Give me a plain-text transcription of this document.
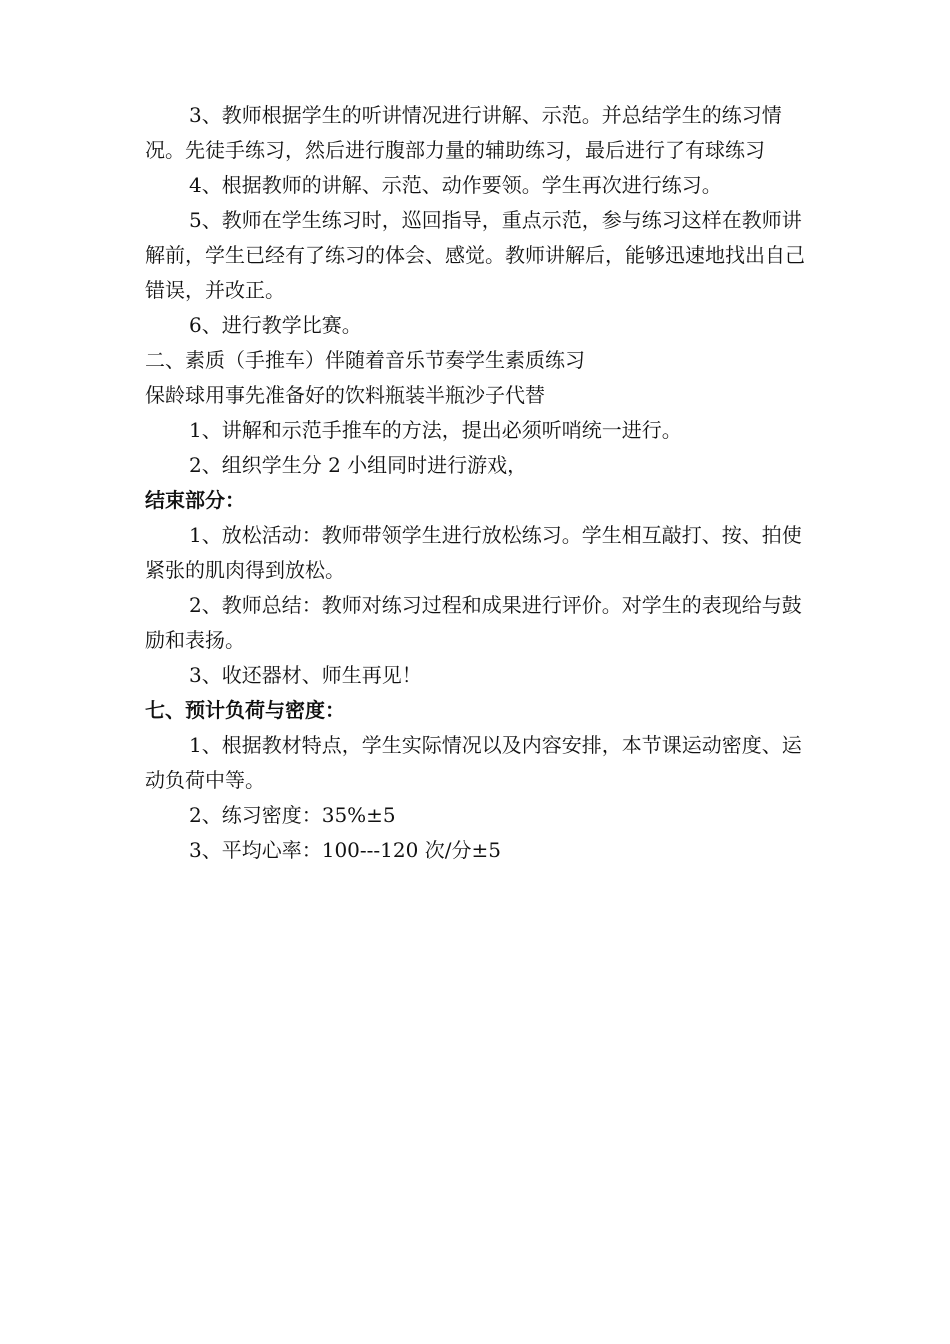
3、教师根据学生的听讲情况进行讲解、示范。并总结学生的练习情况。先徒手练习，然后进行腹部力量的辅助练习，最后进行了有球练习

4、根据教师的讲解、示范、动作要领。学生再次进行练习。

5、教师在学生练习时，巡回指导，重点示范，参与练习这样在教师讲解前，学生已经有了练习的体会、感觉。教师讲解后，能够迅速地找出自己错误，并改正。

6、进行教学比赛。

二、素质（手推车）伴随着音乐节奏学生素质练习

保龄球用事先准备好的饮料瓶装半瓶沙子代替

1、讲解和示范手推车的方法，提出必须听哨统一进行。

2、组织学生分 2 小组同时进行游戏，

结束部分：

1、放松活动：教师带领学生进行放松练习。学生相互敲打、按、拍使紧张的肌肉得到放松。

2、教师总结：教师对练习过程和成果进行评价。对学生的表现给与鼓励和表扬。

3、收还器材、师生再见！

七、预计负荷与密度：

1、根据教材特点，学生实际情况以及内容安排，本节课运动密度、运动负荷中等。

2、练习密度：35%±5

3、平均心率：100---120 次/分±5
